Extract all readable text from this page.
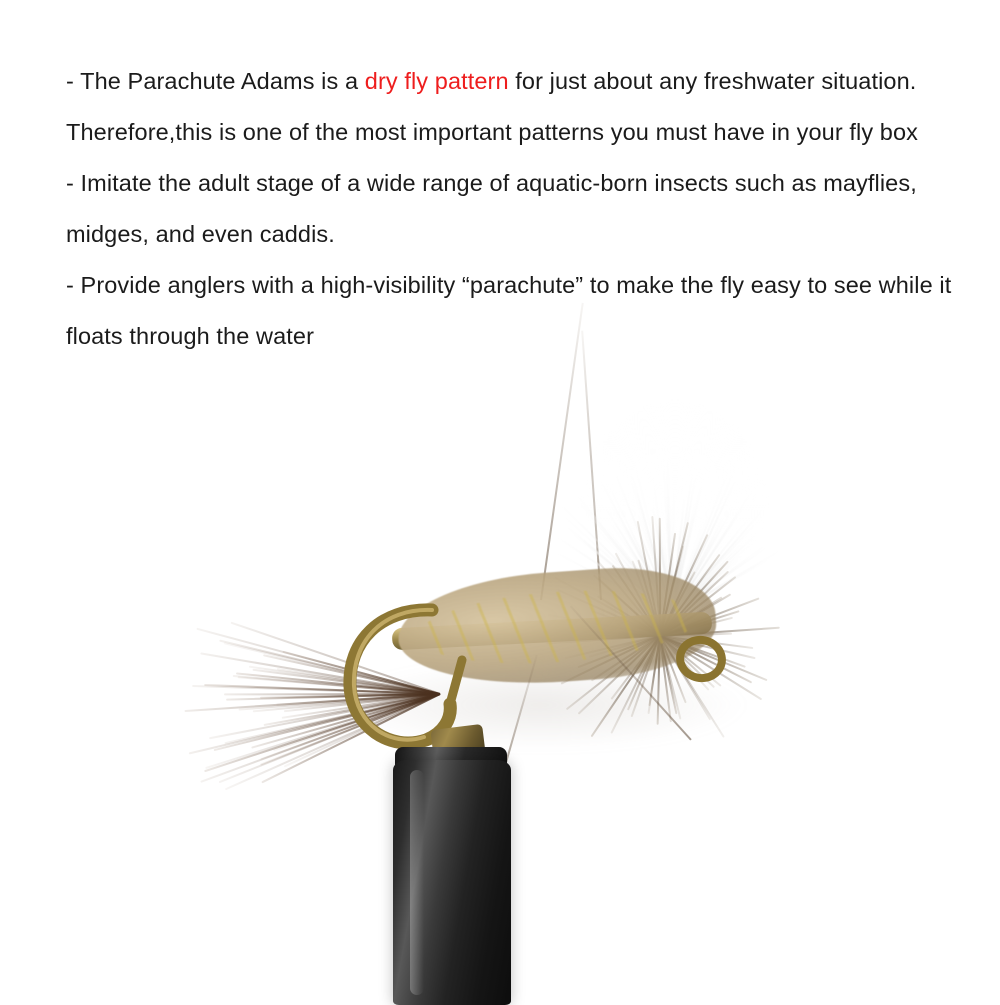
- The Parachute Adams is a dry fly pattern for just about any freshwater situation. Therefore,this is one of the most important patterns you must have in your fly box

- Imitate the adult stage of a wide range of aquatic-born insects such as mayflies, midges, and even caddis.

- Provide anglers with a high-visibility “parachute” to make the fly easy to see while it floats through the water
